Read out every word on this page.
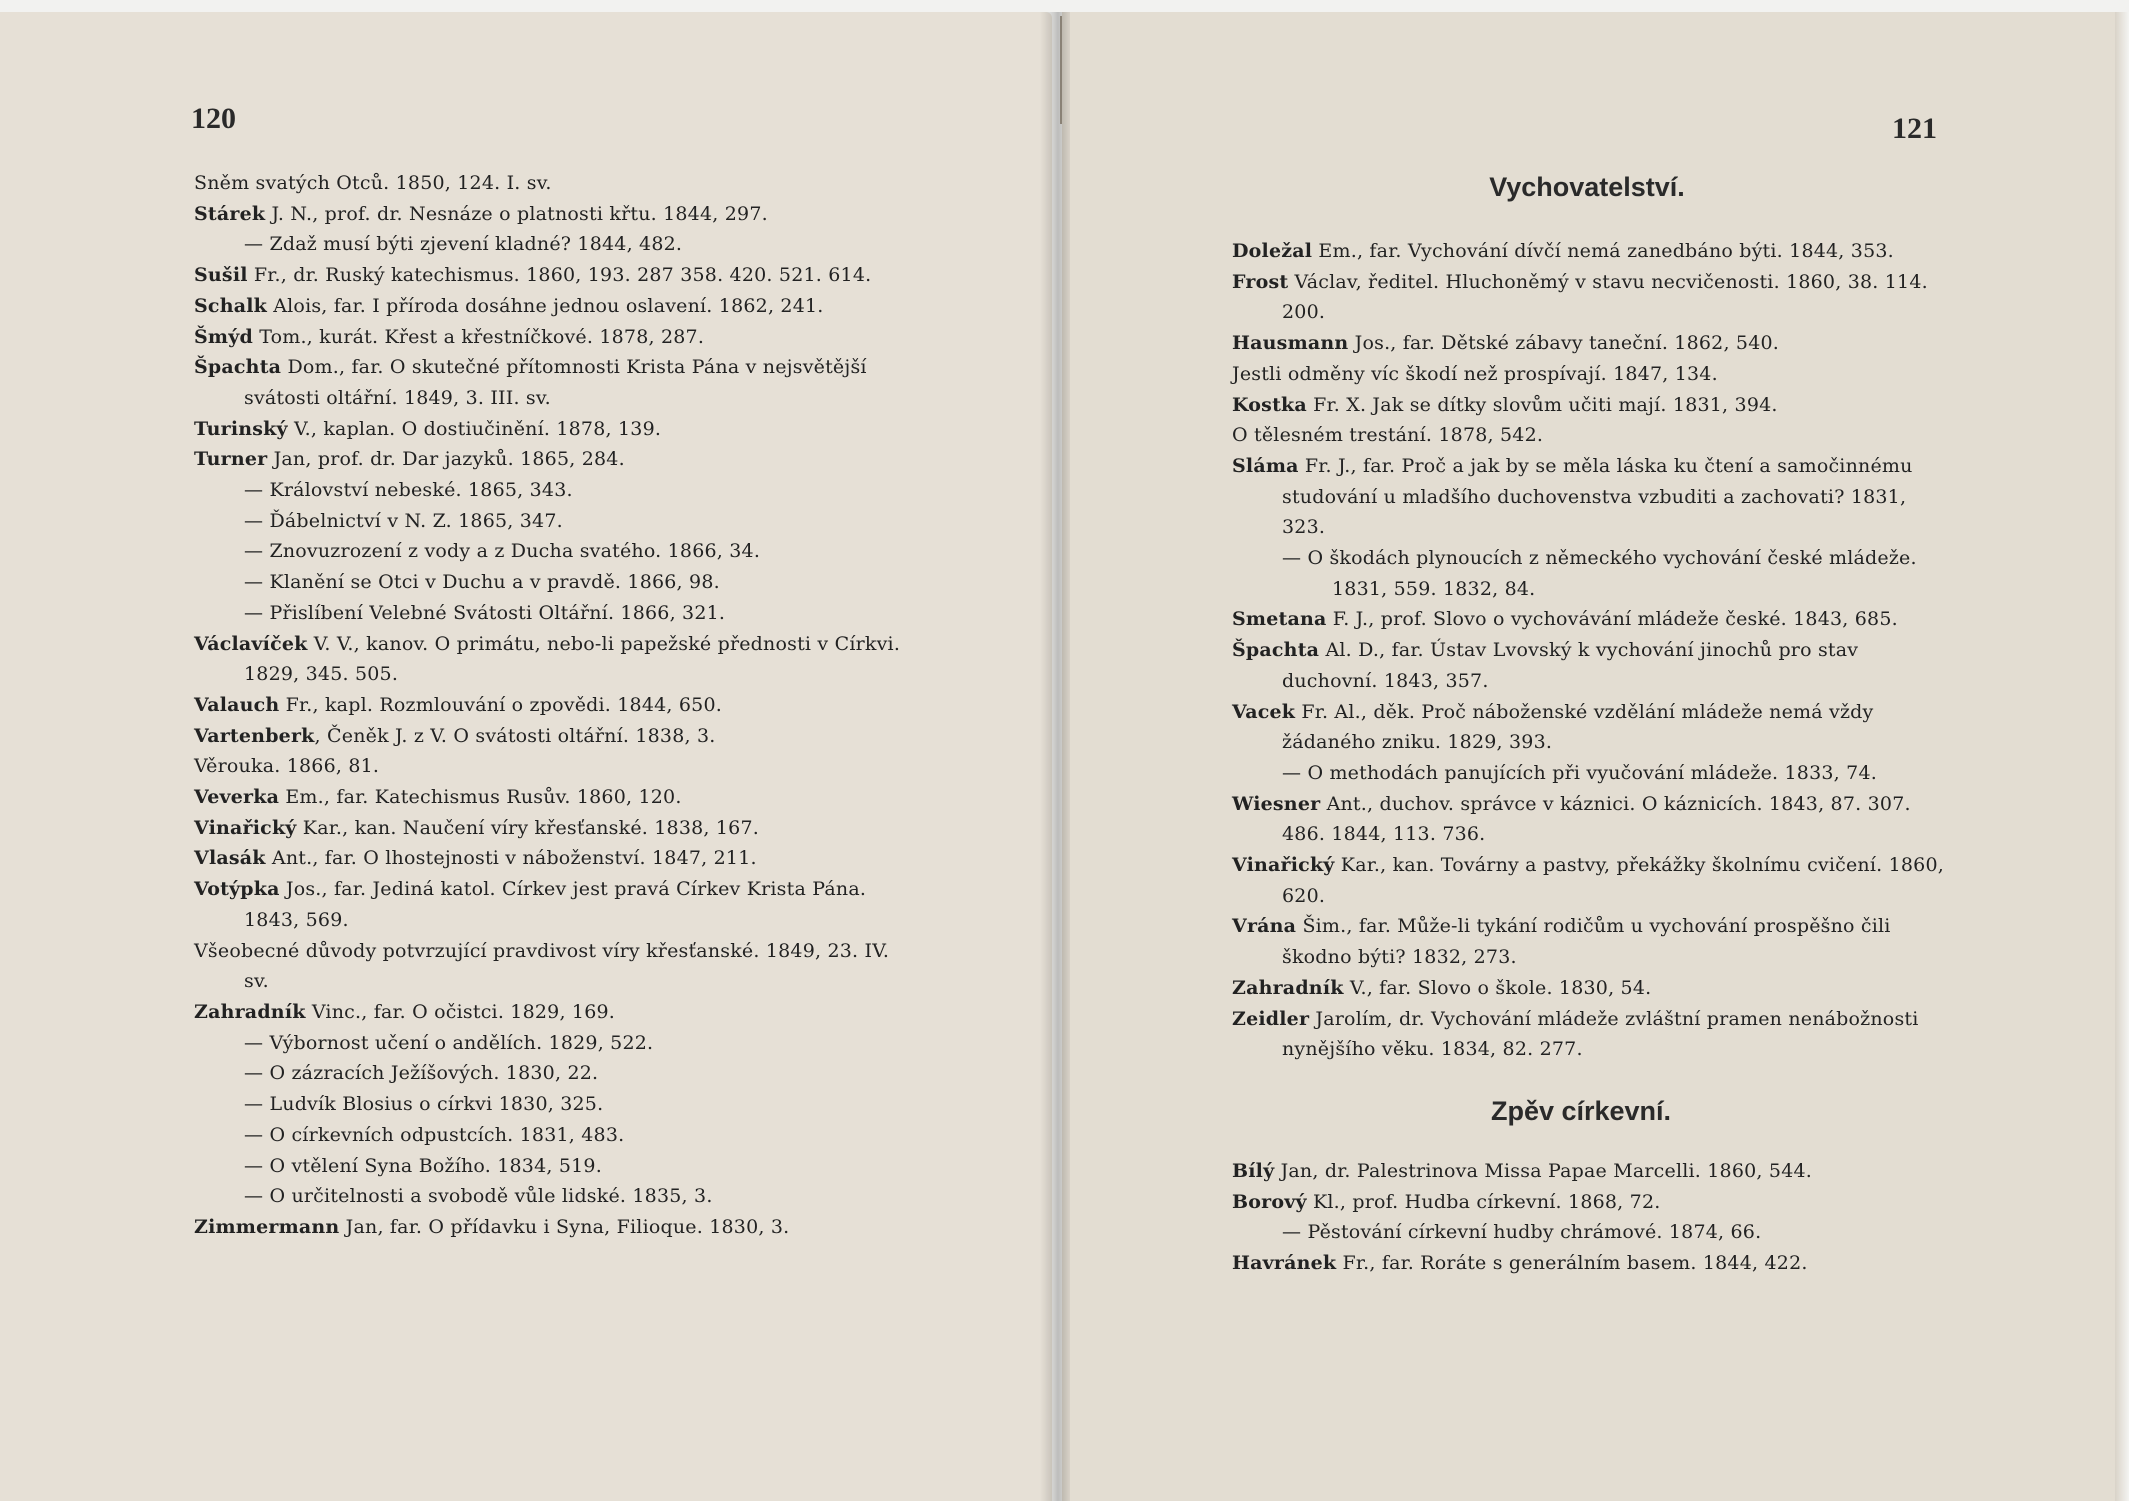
120	121

Sněm svatých Otců. 1850, 124. I. sv.

Stárek J. N., prof. dr. Nesnáze o platnosti křtu. 1844, 297.

— Zdaž musí býti zjevení kladné? 1844, 482.

Sušil Fr., dr. Ruský katechismus. 1860, 193. 287 358. 420. 521. 614.

Schalk Alois, far. I příroda dosáhne jednou oslavení. 1862, 241.

Šmýd Tom., kurát. Křest a křestníčkové. 1878, 287.

Špachta Dom., far. O skutečné přítomnosti Krista Pána v nejsvětější svátosti oltářní. 1849, 3. III. sv.

Turinský V., kaplan. O dostiučinění. 1878, 139.

Turner Jan, prof. dr. Dar jazyků. 1865, 284.

— Království nebeské. 1865, 343.

— Ďábelnictví v N. Z. 1865, 347.

— Znovuzrození z vody a z Ducha svatého. 1866, 34.

— Klanění se Otci v Duchu a v pravdě. 1866, 98.

— Přislíbení Velebné Svátosti Oltářní. 1866, 321.

Václavíček V. V., kanov. O primátu, nebo-li papežské přednosti v Církvi. 1829, 345. 505.

Valauch Fr., kapl. Rozmlouvání o zpovědi. 1844, 650.

Vartenberk, Čeněk J. z V. O svátosti oltářní. 1838, 3.

Věrouka. 1866, 81.

Veverka Em., far. Katechismus Rusův. 1860, 120.

Vinařický Kar., kan. Naučení víry křesťanské. 1838, 167.

Vlasák Ant., far. O lhostejnosti v náboženství. 1847, 211.

Votýpka Jos., far. Jediná katol. Církev jest pravá Církev Krista Pána. 1843, 569.

Všeobecné důvody potvrzující pravdivost víry křesťanské. 1849, 23. IV. sv.

Zahradník Vinc., far. O očistci. 1829, 169.

— Výbornost učení o andělích. 1829, 522.

— O zázracích Ježíšových. 1830, 22.

— Ludvík Blosius o církvi 1830, 325.

— O církevních odpustcích. 1831, 483.

— O vtělení Syna Božího. 1834, 519.

— O určitelnosti a svobodě vůle lidské. 1835, 3.

Zimmermann Jan, far. O přídavku i Syna, Filioque. 1830, 3.

Vychovatelství.

Doležal Em., far. Vychování dívčí nemá zanedbáno býti. 1844, 353.

Frost Václav, ředitel. Hluchoněmý v stavu necvičenosti. 1860, 38. 114. 200.

Hausmann Jos., far. Dětské zábavy taneční. 1862, 540.

Jestli odměny víc škodí než prospívají. 1847, 134.

Kostka Fr. X. Jak se dítky slovům učiti mají. 1831, 394.

O tělesném trestání. 1878, 542.

Sláma Fr. J., far. Proč a jak by se měla láska ku čtení a samočinnému studování u mladšího duchovenstva vzbuditi a zachovati? 1831, 323.

— O škodách plynoucích z německého vychování české mládeže. 1831, 559. 1832, 84.

Smetana F. J., prof. Slovo o vychovávání mládeže české. 1843, 685.

Špachta Al. D., far. Ústav Lvovský k vychování jinochů pro stav duchovní. 1843, 357.

Vacek Fr. Al., děk. Proč náboženské vzdělání mládeže nemá vždy žádaného zniku. 1829, 393.

— O methodách panujících při vyučování mládeže. 1833, 74.

Wiesner Ant., duchov. správce v káznici. O káznicích. 1843, 87. 307. 486. 1844, 113. 736.

Vinařický Kar., kan. Továrny a pastvy, překážky školnímu cvičení. 1860, 620.

Vrána Šim., far. Může-li tykání rodičům u vychování prospěšno čili škodno býti? 1832, 273.

Zahradník V., far. Slovo o škole. 1830, 54.

Zeidler Jarolím, dr. Vychování mládeže zvláštní pramen nenábožnosti nynějšího věku. 1834, 82. 277.

Zpěv církevní.

Bílý Jan, dr. Palestrinova Missa Papae Marcelli. 1860, 544.

Borový Kl., prof. Hudba církevní. 1868, 72.

— Pěstování církevní hudby chrámové. 1874, 66.

Havránek Fr., far. Roráte s generálním basem. 1844, 422.
